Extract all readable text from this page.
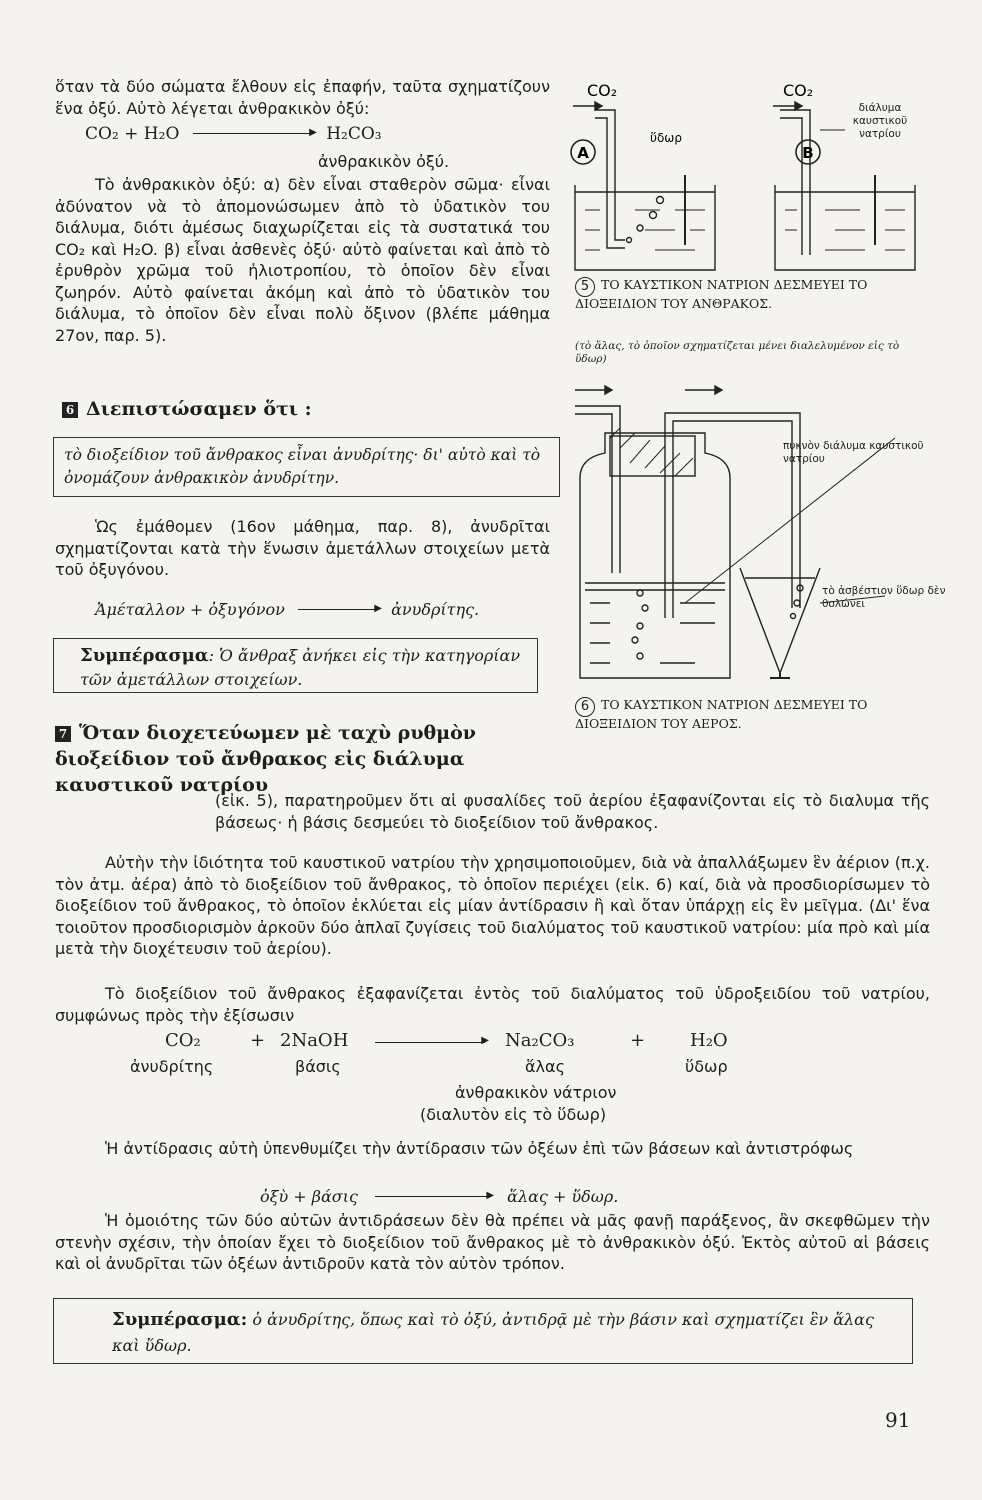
ὅταν τὰ δύο σώματα ἔλθουν εἰς ἐπαφήν, ταῦτα σχηματίζουν ἕνα ὀξύ. Αὐτὸ λέγεται ἀνθρακικὸν ὀξύ:

CO₂ + H₂O	▶ H₂CO₃
ἀνθρακικὸν ὀξύ.

Τὸ ἀνθρακικὸν ὀξύ: α) δὲν εἶναι σταθερὸν σῶμα· εἶναι ἀδύνατον νὰ τὸ ἀπομονώσωμεν ἀπὸ τὸ ὑδατικὸν του διάλυμα, διότι ἀμέσως διαχωρίζεται εἰς τὰ συστατικά του CO₂ καὶ H₂O. β) εἶναι ἀσθενὲς ὀξύ· αὐτὸ φαίνεται καὶ ἀπὸ τὸ ἐρυθρὸν χρῶμα τοῦ ἡλιοτροπίου, τὸ ὁποῖον δὲν εἶναι ζωηρόν. Αὐτὸ φαίνεται ἀκόμη καὶ ἀπὸ τὸ ὑδατικὸν του διάλυμα, τὸ ὁποῖον δὲν εἶναι πολὺ ὄξινον (βλέπε μάθημα 27ον, παρ. 5).

6 Διεπιστώσαμεν ὅτι :
τὸ διοξείδιον τοῦ ἄνθρακος εἶναι ἀνυδρίτης· δι' αὐτὸ καὶ τὸ ὀνομάζουν ἀνθρακικὸν ἀνυδρίτην.

Ὡς ἐμάθομεν (16ον μάθημα, παρ. 8), ἀνυδρῖται σχηματίζονται κατὰ τὴν ἕνωσιν ἀμετάλλων στοιχείων μετὰ τοῦ ὀξυγόνου.

Ἀμέταλλον + ὀξυγόνον	▶ ἀνυδρίτης.
Συμπέρασμα: Ὁ ἄνθραξ ἀνήκει εἰς τὴν κατηγορίαν τῶν ἀμετάλλων στοιχείων.
7 Ὅταν διοχετεύωμεν μὲ ταχὺ ρυθμὸν διοξείδιον τοῦ ἄνθρακος εἰς διάλυμα καυστικοῦ νατρίου

(εἰκ. 5), παρατηροῦμεν ὅτι αἱ φυσαλίδες τοῦ ἀερίου ἐξαφανίζονται εἰς τὸ διαλυμα τῆς βάσεως· ἡ βάσις δεσμεύει τὸ διοξείδιον τοῦ ἄνθρακος.

A	B
CO₂	CO₂
ὕδωρ
διάλυμα καυστικοῦ νατρίου
5 ΤΟ ΚΑΥΣΤΙΚΟΝ ΝΑΤΡΙΟΝ ΔΕΣΜΕΥΕΙ ΤΟ ΔΙΟΞΕΙΔΙΟΝ ΤΟΥ ΑΝΘΡΑΚΟΣ.
(τὸ ἅλας, τὸ ὁποῖον σχηματίζεται μένει διαλελυμένον εἰς τὸ ὕδωρ)
πυκνὸν διάλυμα καυστικοῦ νατρίου
τὸ ἀσβέστιον ὕδωρ δὲν θολώνει
6 ΤΟ ΚΑΥΣΤΙΚΟΝ ΝΑΤΡΙΟΝ ΔΕΣΜΕΥΕΙ ΤΟ ΔΙΟΞΕΙΔΙΟΝ ΤΟΥ ΑΕΡΟΣ.

Αὐτὴν τὴν ἰδιότητα τοῦ καυστικοῦ νατρίου τὴν χρησιμοποιοῦμεν, διὰ νὰ ἀπαλλάξωμεν ἓν ἀέριον (π.χ. τὸν ἀτμ. ἀέρα) ἀπὸ τὸ διοξείδιον τοῦ ἄνθρακος, τὸ ὁποῖον περιέχει (εἰκ. 6) καί, διὰ νὰ προσδιορίσωμεν τὸ διοξείδιον τοῦ ἄνθρακος, τὸ ὁποῖον ἐκλύεται εἰς μίαν ἀντίδρασιν ἢ καὶ ὅταν ὑπάρχῃ εἰς ἓν μεῖγμα. (Δι' ἕνα τοιοῦτον προσδιορισμὸν ἀρκοῦν δύο ἁπλαῖ ζυγίσεις τοῦ διαλύματος τοῦ καυστικοῦ νατρίου: μία πρὸ καὶ μία μετὰ τὴν διοχέτευσιν τοῦ ἀερίου).

Τὸ διοξείδιον τοῦ ἄνθρακος ἐξαφανίζεται ἐντὸς τοῦ διαλύματος τοῦ ὑδροξειδίου τοῦ νατρίου, συμφώνως πρὸς τὴν ἐξίσωσιν

CO₂	+ 2NaOH	▶ Na₂CO₃	+ H₂O
ἀνυδρίτης	βάσις	ἅλας	ὕδωρ
ἀνθρακικὸν νάτριον
(διαλυτὸν εἰς τὸ ὕδωρ)

Ἡ ἀντίδρασις αὐτὴ ὑπενθυμίζει τὴν ἀντίδρασιν τῶν ὀξέων ἐπὶ τῶν βάσεων καὶ ἀντιστρόφως

ὀξὺ + βάσις	▶ ἅλας + ὕδωρ.

Ἡ ὁμοιότης τῶν δύο αὐτῶν ἀντιδράσεων δὲν θὰ πρέπει νὰ μᾶς φανῇ παράξενος, ἂν σκεφθῶμεν τὴν στενὴν σχέσιν, τὴν ὁποίαν ἔχει τὸ διοξείδιον τοῦ ἄνθρακος μὲ τὸ ἀνθρακικὸν ὀξύ. Ἐκτὸς αὐτοῦ αἱ βάσεις καὶ οἱ ἀνυδρῖται τῶν ὀξέων ἀντιδροῦν κατὰ τὸν αὐτὸν τρόπον.

Συμπέρασμα: ὁ ἀνυδρίτης, ὅπως καὶ τὸ ὀξύ, ἀντιδρᾷ μὲ τὴν βάσιν καὶ σχηματίζει ἓν ἅλας καὶ ὕδωρ.
91
